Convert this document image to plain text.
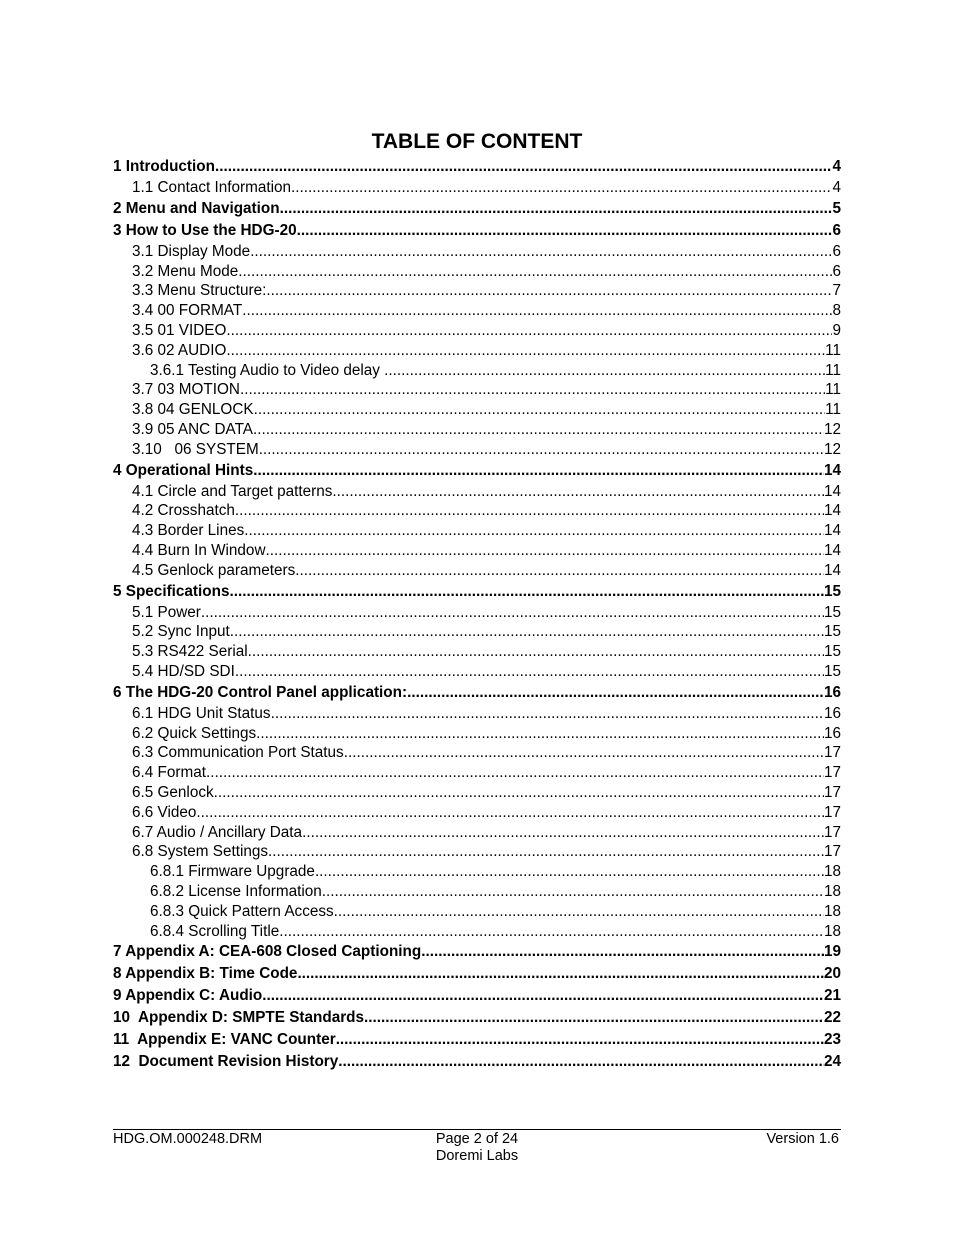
TABLE OF CONTENT
1 Introduction .....	4
1.1 Contact Information .....	4
2 Menu and Navigation .....	5
3 How to Use the HDG-20 .....	6
3.1 Display Mode .....	6
3.2 Menu Mode .....	6
3.3 Menu Structure: .....	7
3.4 00 FORMAT .....	8
3.5 01 VIDEO .....	9
3.6 02 AUDIO .....	11
3.6.1 Testing Audio to Video delay .....	11
3.7 03 MOTION .....	11
3.8 04 GENLOCK .....	11
3.9 05 ANC DATA .....	12
3.10   06 SYSTEM .....	12
4 Operational Hints .....	14
4.1 Circle and Target patterns .....	14
4.2 Crosshatch .....	14
4.3 Border Lines .....	14
4.4 Burn In Window .....	14
4.5 Genlock parameters .....	14
5 Specifications .....	15
5.1 Power .....	15
5.2 Sync Input .....	15
5.3 RS422 Serial .....	15
5.4 HD/SD SDI .....	15
6 The HDG-20 Control Panel application: .....	16
6.1 HDG Unit Status .....	16
6.2 Quick Settings .....	16
6.3 Communication Port Status .....	17
6.4 Format .....	17
6.5 Genlock .....	17
6.6 Video .....	17
6.7 Audio / Ancillary Data .....	17
6.8 System Settings .....	17
6.8.1 Firmware Upgrade .....	18
6.8.2 License Information .....	18
6.8.3 Quick Pattern Access .....	18
6.8.4 Scrolling Title .....	18
7 Appendix A: CEA-608 Closed Captioning .....	19
8 Appendix B: Time Code .....	20
9 Appendix C: Audio .....	21
10  Appendix D: SMPTE Standards .....	22
11  Appendix E: VANC Counter .....	23
12  Document Revision History .....	24
HDG.OM.000248.DRM	Page 2 of 24
Doremi Labs
Version 1.6
